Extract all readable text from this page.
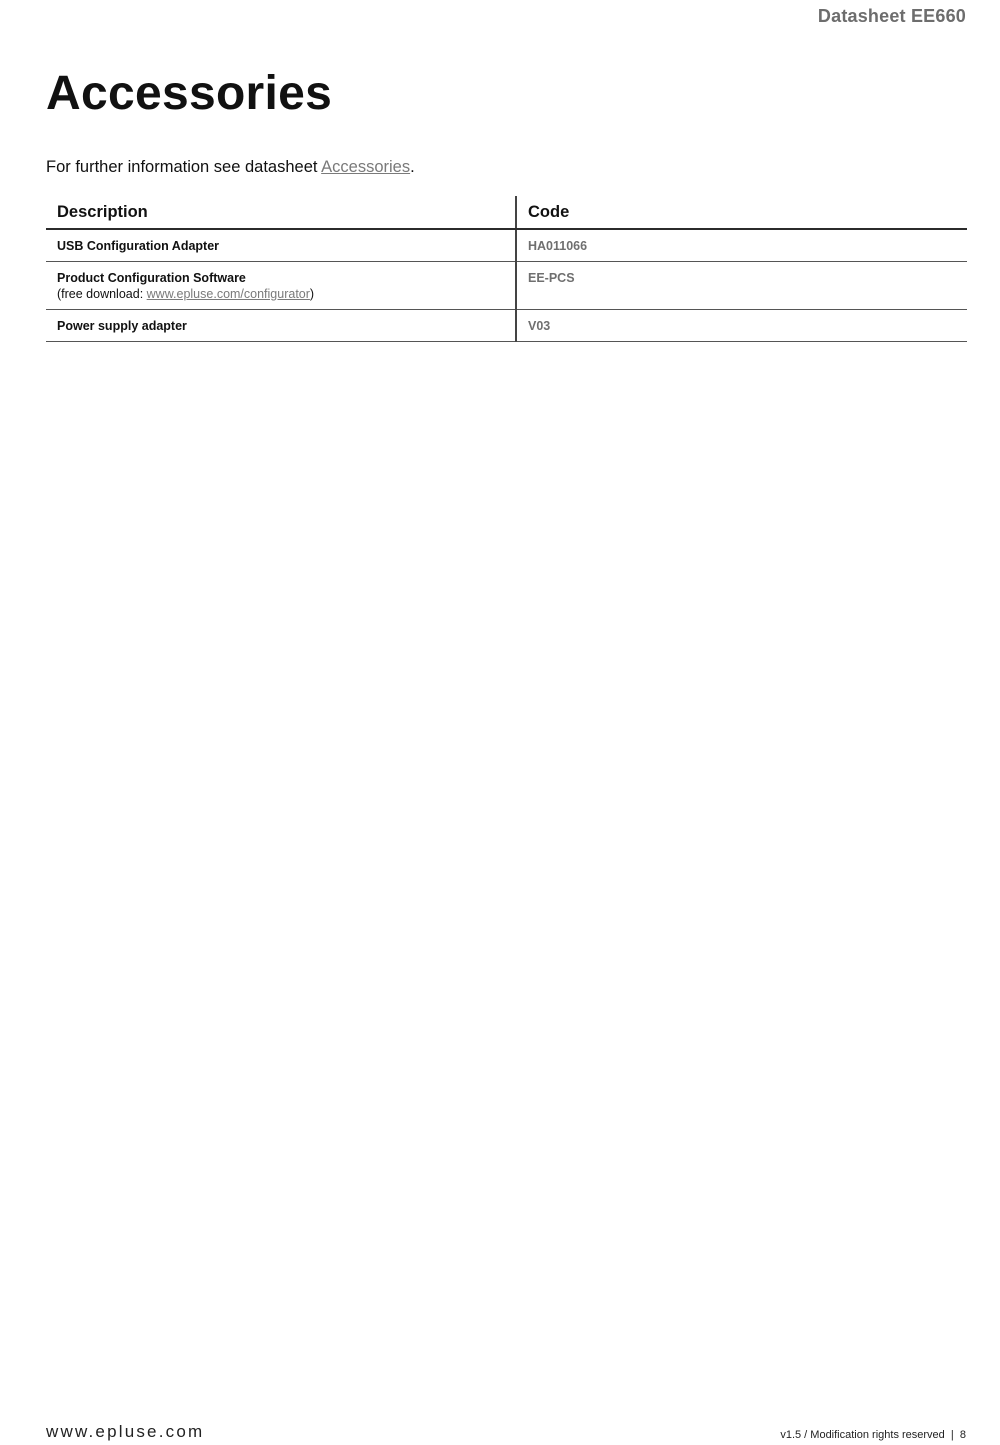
Datasheet EE660
Accessories
For further information see datasheet Accessories.
Description	Code

USB Configuration Adapter	HA011066

Product Configuration Software
(free download: www.epluse.com/configurator)	EE-PCS

Power supply adapter	V03
www.epluse.com	v1.5 / Modification rights reserved  |  8
